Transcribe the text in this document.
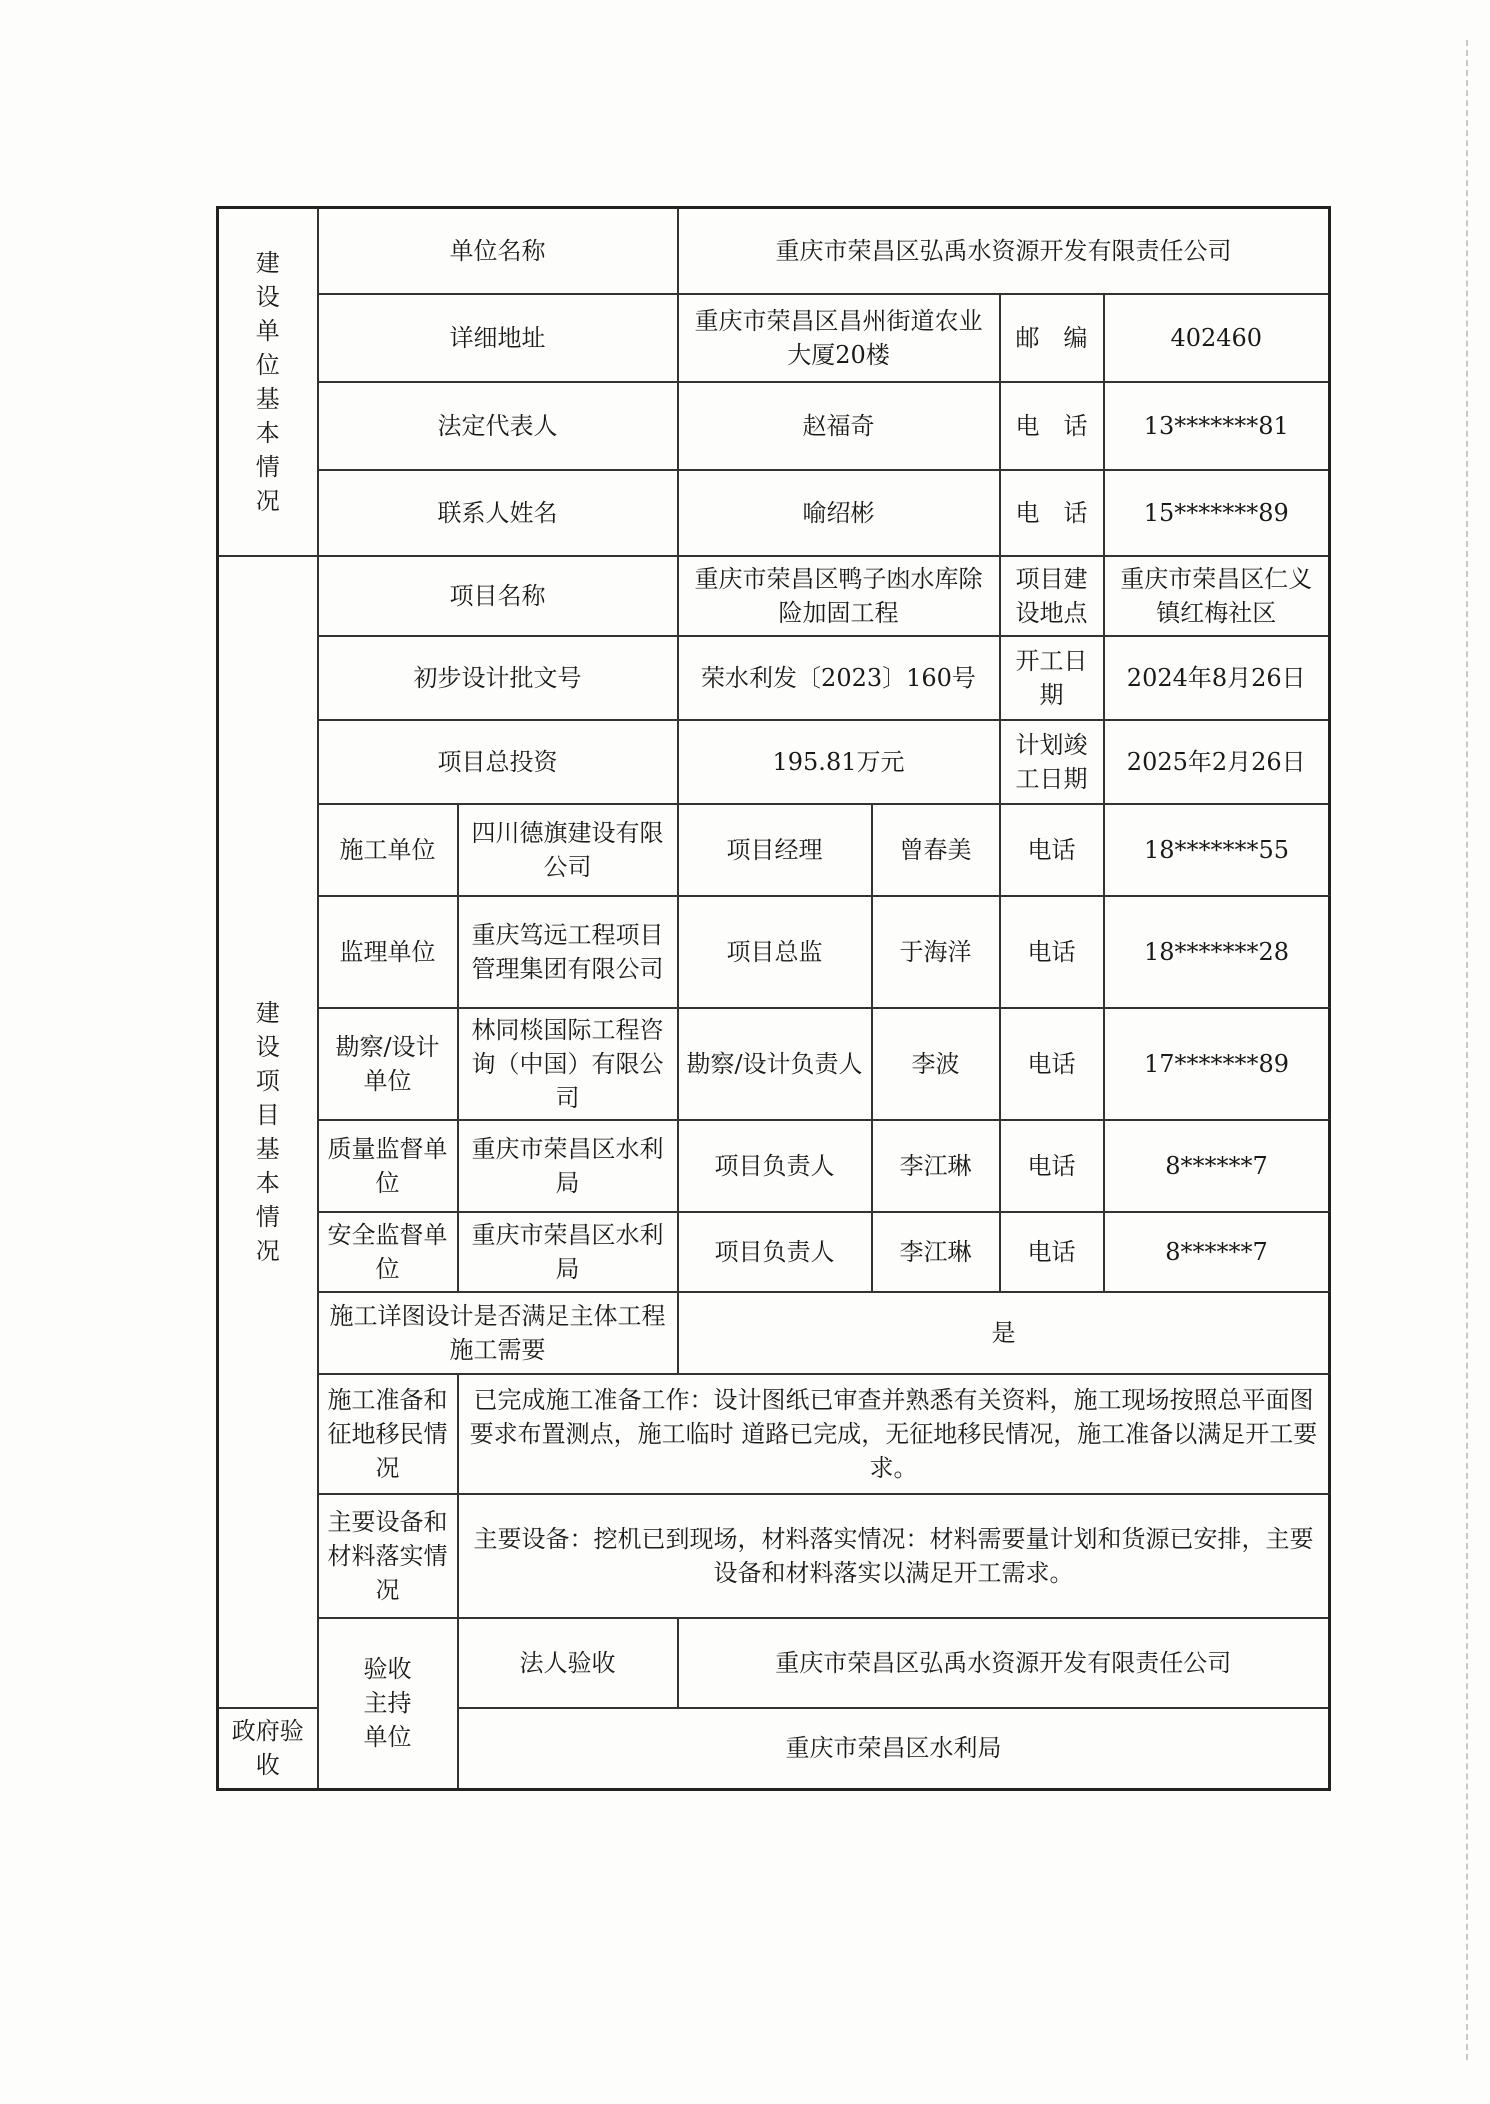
建设单位基本情况	单位名称		重庆市荣昌区弘禹水资源开发有限责任公司			
	详细地址		重庆市荣昌区昌州街道农业大厦20楼		邮　编	402460
	法定代表人		赵福奇		电　话	13*******81
	联系人姓名		喻绍彬		电　话	15*******89
建设项目基本情况	项目名称		重庆市荣昌区鸭子凼水库除险加固工程		项目建设地点	重庆市荣昌区仁义镇红梅社区
	初步设计批文号		荣水利发〔2023〕160号		开工日期	2024年8月26日
	项目总投资		195.81万元		计划竣工日期	2025年2月26日
	施工单位	四川德旗建设有限公司	项目经理	曾春美	电话	18*******55
	监理单位	重庆笃远工程项目管理集团有限公司	项目总监	于海洋	电话	18*******28
	勘察/设计单位	林同棪国际工程咨询（中国）有限公司	勘察/设计负责人	李波	电话	17*******89
	质量监督单位	重庆市荣昌区水利局	项目负责人	李江琳	电话	8******7
	安全监督单位	重庆市荣昌区水利局	项目负责人	李江琳	电话	8******7
	施工详图设计是否满足主体工程施工需要		是			
	施工准备和征地移民情况	已完成施工准备工作：设计图纸已审查并熟悉有关资料，施工现场按照总平面图要求布置测点，施工临时 道路已完成，无征地移民情况，施工准备以满足开工要求。				
	主要设备和材料落实情况	主要设备：挖机已到现场，材料落实情况：材料需要量计划和货源已安排，主要设备和材料落实以满足开工需求。				
	验收主持单位	法人验收	重庆市荣昌区弘禹水资源开发有限责任公司			
政府验收		重庆市荣昌区水利局				
